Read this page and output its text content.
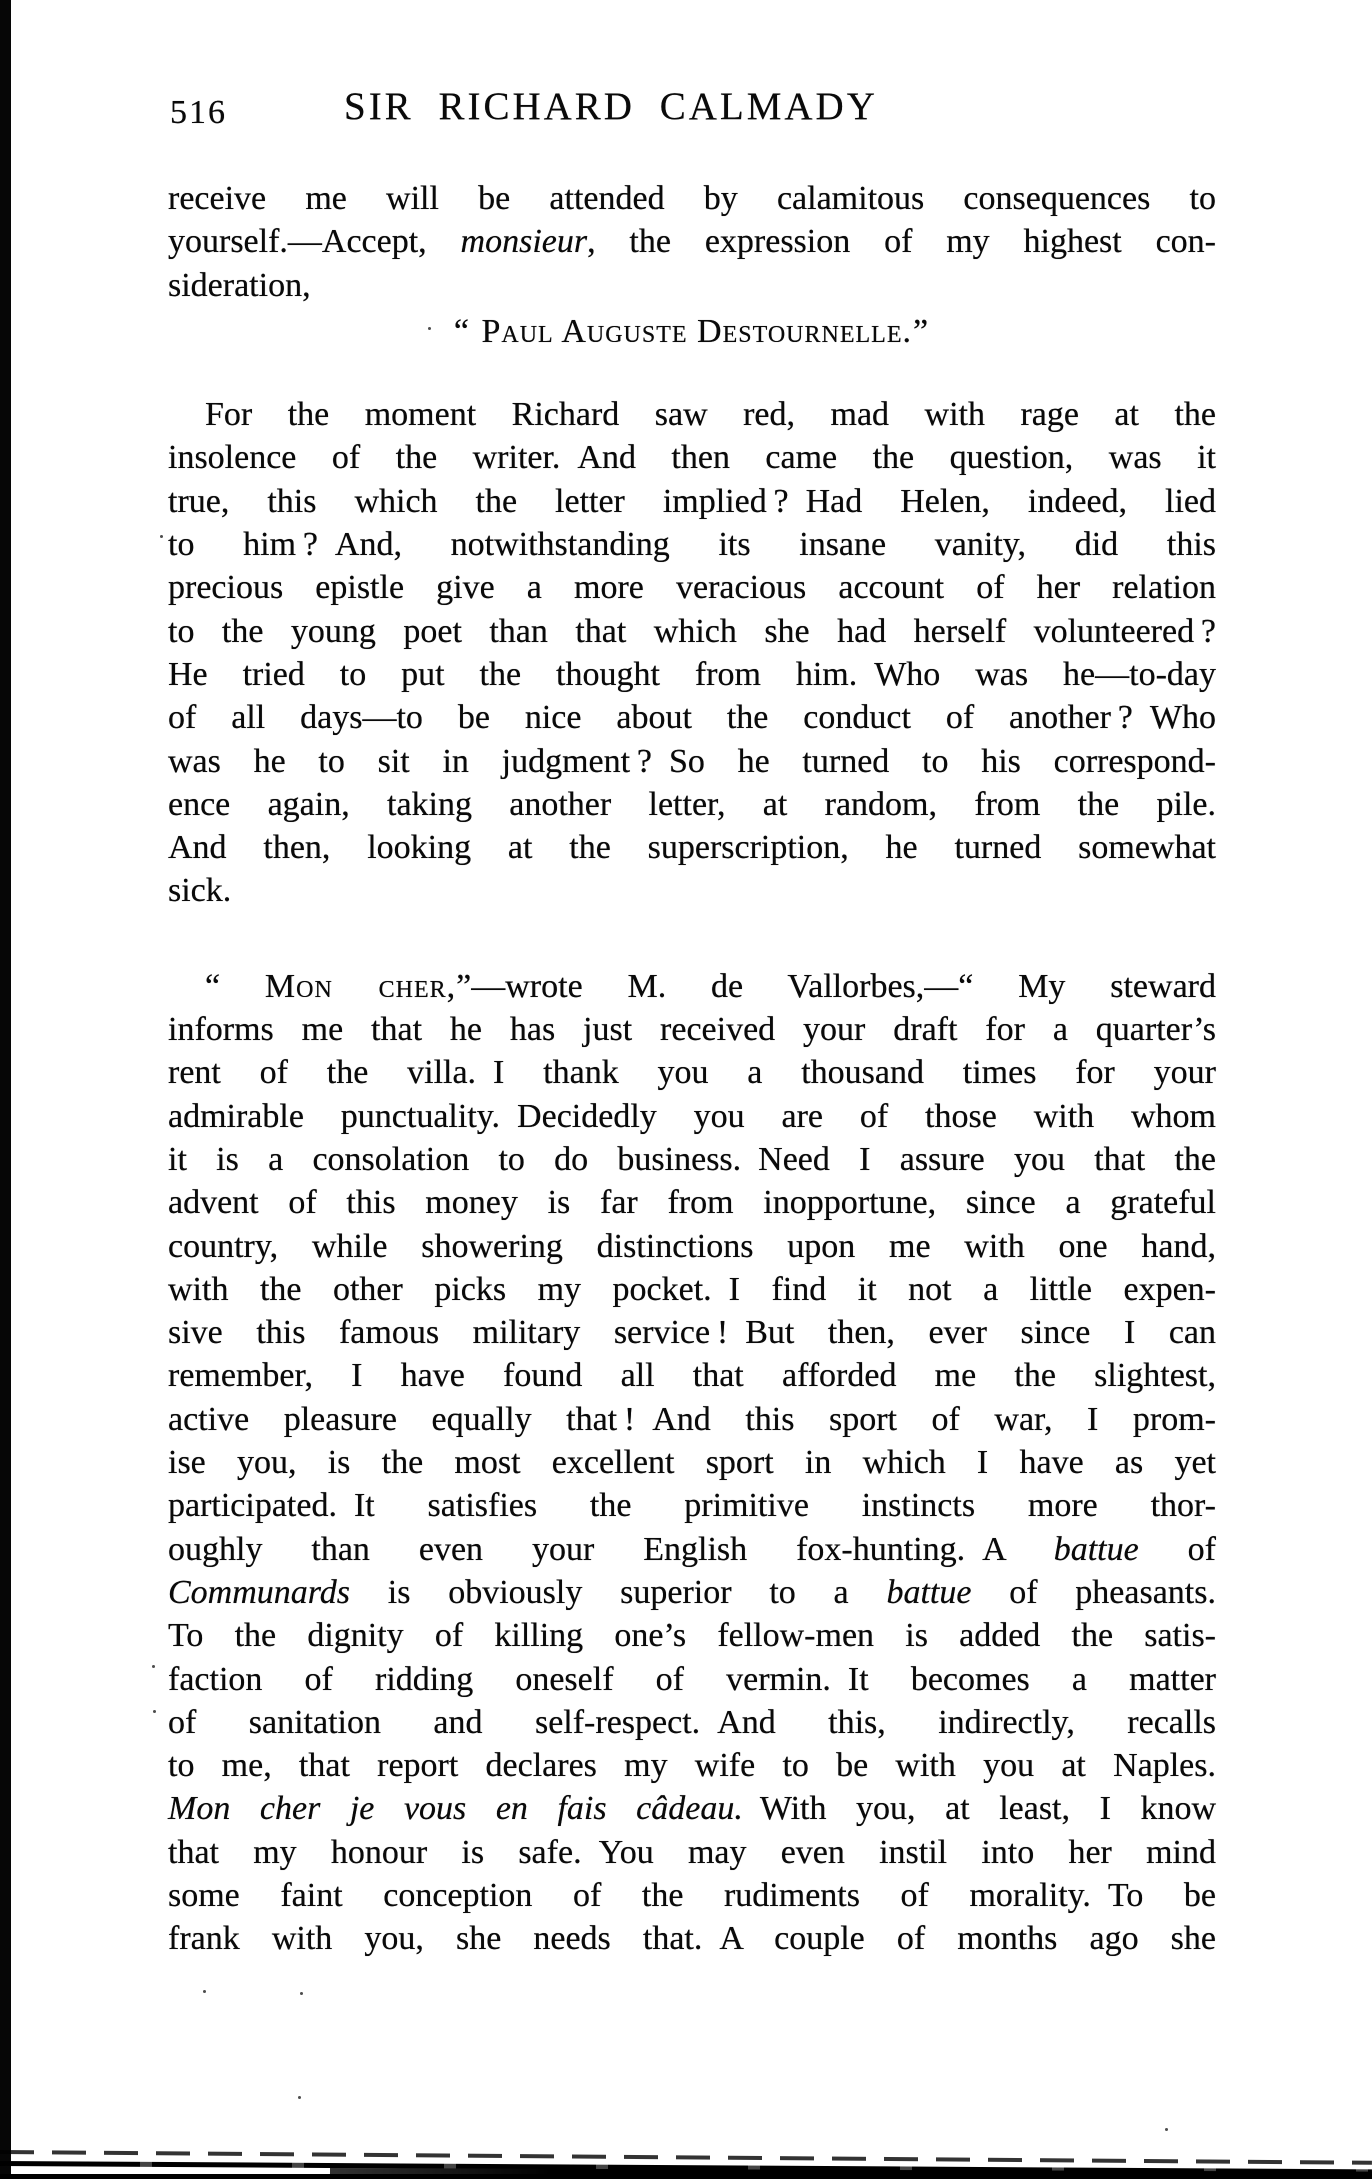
516	SIR RICHARD CALMADY
receive me will be attended by calamitous consequences to
yourself.—Accept, monsieur, the expression of my highest con-
sideration,
“ Paul Auguste Destournelle.”
For the moment Richard saw red, mad with rage at the
insolence of the writer. And then came the question, was it
true, this which the letter implied ? Had Helen, indeed, lied
to him ? And, notwithstanding its insane vanity, did this
precious epistle give a more veracious account of her relation
to the young poet than that which she had herself volunteered ?
He tried to put the thought from him. Who was he—to-day
of all days—to be nice about the conduct of another ? Who
was he to sit in judgment ? So he turned to his correspond-
ence again, taking another letter, at random, from the pile.
And then, looking at the superscription, he turned somewhat
sick.
“ Mon cher,”—wrote M. de Vallorbes,—“ My steward
informs me that he has just received your draft for a quarter’s
rent of the villa. I thank you a thousand times for your
admirable punctuality. Decidedly you are of those with whom
it is a consolation to do business. Need I assure you that the
advent of this money is far from inopportune, since a grateful
country, while showering distinctions upon me with one hand,
with the other picks my pocket. I find it not a little expen-
sive this famous military service ! But then, ever since I can
remember, I have found all that afforded me the slightest,
active pleasure equally that ! And this sport of war, I prom-
ise you, is the most excellent sport in which I have as yet
participated. It satisfies the primitive instincts more thor-
oughly than even your English fox-hunting. A battue of
Communards is obviously superior to a battue of pheasants.
To the dignity of killing one’s fellow-men is added the satis-
faction of ridding oneself of vermin. It becomes a matter
of sanitation and self-respect. And this, indirectly, recalls
to me, that report declares my wife to be with you at Naples.
Mon cher je vous en fais câdeau. With you, at least, I know
that my honour is safe. You may even instil into her mind
some faint conception of the rudiments of morality. To be
frank with you, she needs that. A couple of months ago she
